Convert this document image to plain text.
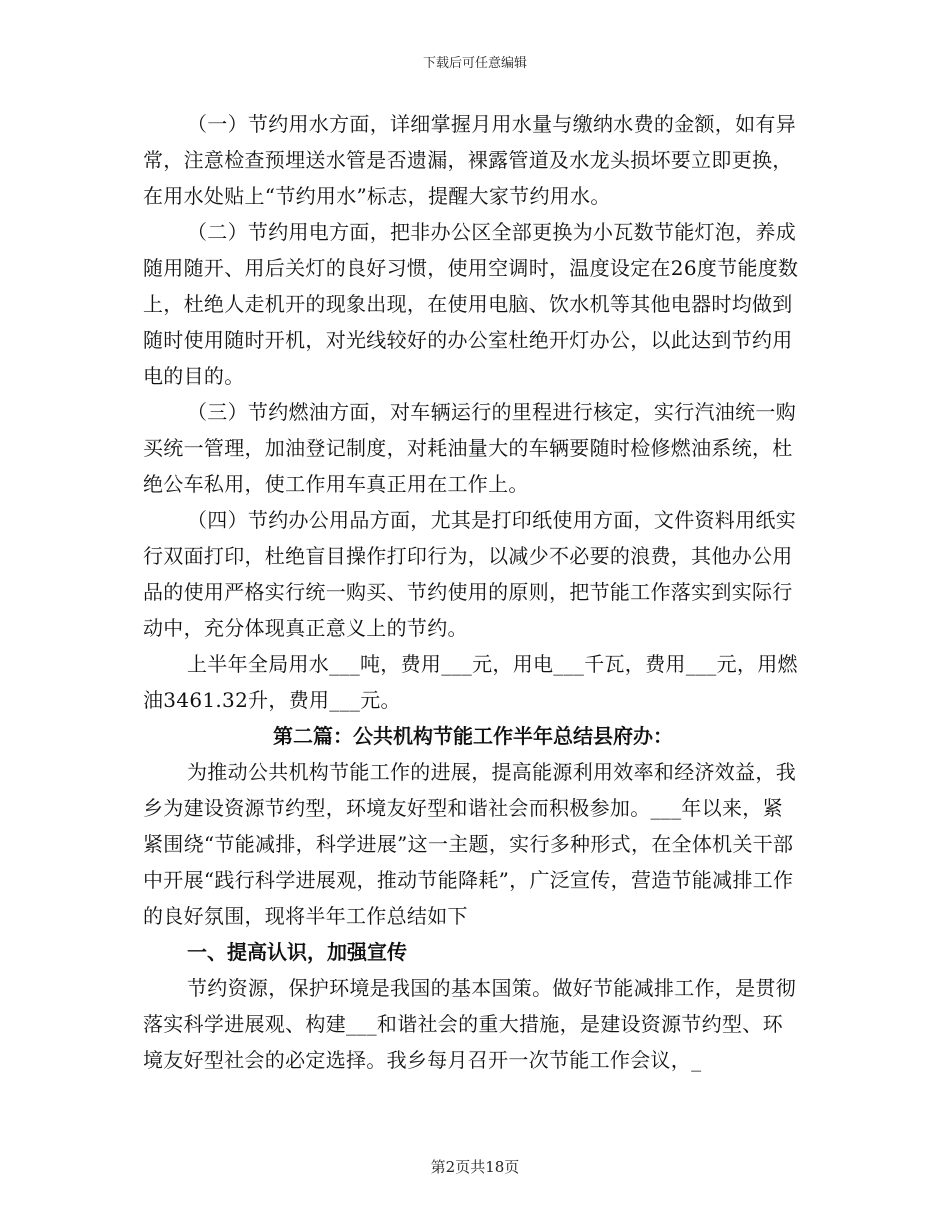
下载后可任意编辑

（一）节约用水方面，详细掌握月用水量与缴纳水费的金额，如有异常，注意检查预埋送水管是否遗漏，裸露管道及水龙头损坏要立即更换，在用水处贴上“节约用水”标志，提醒大家节约用水。

（二）节约用电方面，把非办公区全部更换为小瓦数节能灯泡，养成随用随开、用后关灯的良好习惯，使用空调时，温度设定在26度节能度数上，杜绝人走机开的现象出现，在使用电脑、饮水机等其他电器时均做到随时使用随时开机，对光线较好的办公室杜绝开灯办公，以此达到节约用电的目的。

（三）节约燃油方面，对车辆运行的里程进行核定，实行汽油统一购买统一管理，加油登记制度，对耗油量大的车辆要随时检修燃油系统，杜绝公车私用，使工作用车真正用在工作上。

（四）节约办公用品方面，尤其是打印纸使用方面，文件资料用纸实行双面打印，杜绝盲目操作打印行为，以减少不必要的浪费，其他办公用品的使用严格实行统一购买、节约使用的原则，把节能工作落实到实际行动中，充分体现真正意义上的节约。

上半年全局用水___吨，费用___元，用电___千瓦，费用___元，用燃油3461.32升，费用___元。

第二篇：公共机构节能工作半年总结县府办：

为推动公共机构节能工作的进展，提高能源利用效率和经济效益，我乡为建设资源节约型，环境友好型和谐社会而积极参加。___年以来，紧紧围绕“节能减排，科学进展”这一主题，实行多种形式，在全体机关干部中开展“践行科学进展观，推动节能降耗”，广泛宣传，营造节能减排工作的良好氛围，现将半年工作总结如下

一、提高认识，加强宣传

节约资源，保护环境是我国的基本国策。做好节能减排工作，是贯彻落实科学进展观、构建___和谐社会的重大措施，是建设资源节约型、环境友好型社会的必定选择。我乡每月召开一次节能工作会议，_

第2页共18页
